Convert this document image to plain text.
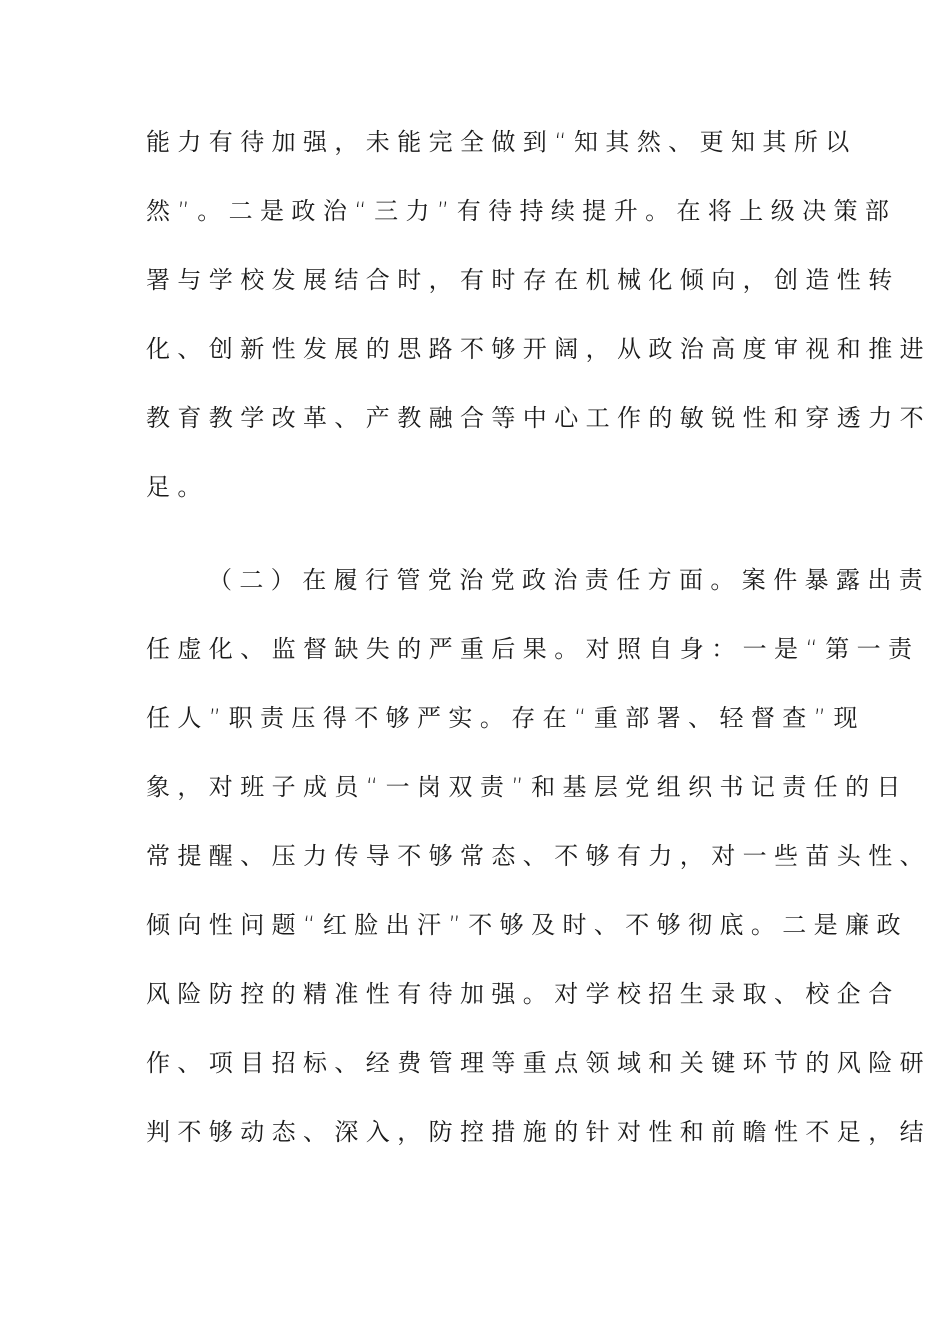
能力有待加强，未能完全做到“知其然、更知其所以
然”。二是政治“三力”有待持续提升。在将上级决策部
署与学校发展结合时，有时存在机械化倾向，创造性转
化、创新性发展的思路不够开阔，从政治高度审视和推进
教育教学改革、产教融合等中心工作的敏锐性和穿透力不
足。
（二）在履行管党治党政治责任方面。案件暴露出责
任虚化、监督缺失的严重后果。对照自身：一是“第一责
任人”职责压得不够严实。存在“重部署、轻督查”现
象，对班子成员“一岗双责”和基层党组织书记责任的日
常提醒、压力传导不够常态、不够有力，对一些苗头性、
倾向性问题“红脸出汗”不够及时、不够彻底。二是廉政
风险防控的精准性有待加强。对学校招生录取、校企合
作、项目招标、经费管理等重点领域和关键环节的风险研
判不够动态、深入，防控措施的针对性和前瞻性不足，结
